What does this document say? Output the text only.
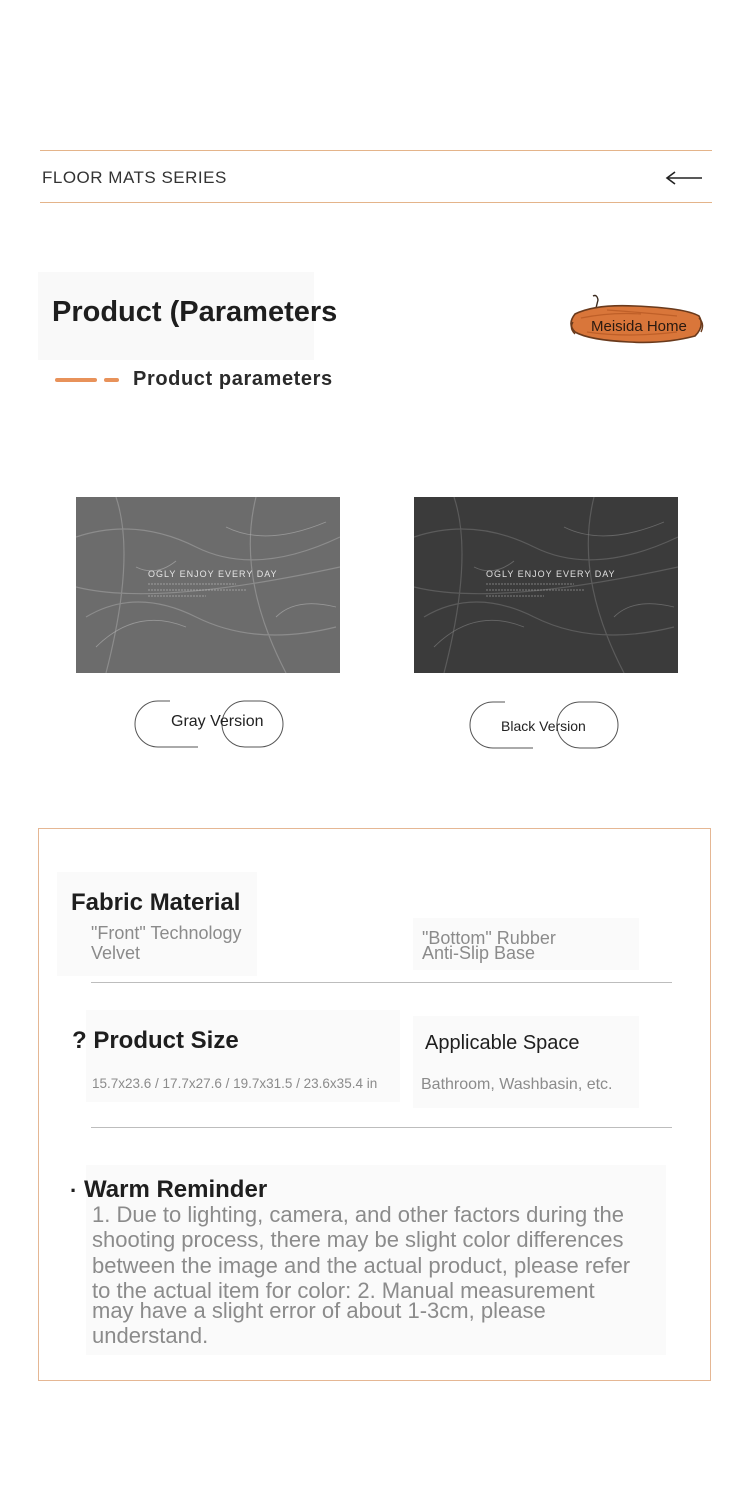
FLOOR MATS SERIES
Product (Parameters	Meisida Home
Product parameters
OGLY ENJOY EVERY DAY	OGLY ENJOY EVERY DAY
Gray Version	Black Version
Fabric Material
"Front" Technology
Velvet
"Bottom" Rubber
Anti-Slip Base
? Product Size
15.7x23.6 / 17.7x27.6 / 19.7x31.5 / 23.6x35.4 in
Applicable Space
Bathroom, Washbasin, etc.
· Warm Reminder
1. Due to lighting, camera, and other factors during the
shooting process, there may be slight color differences
between the image and the actual product, please refer
to the actual item for color: 2. Manual measurement
may have a slight error of about 1-3cm, please
understand.
